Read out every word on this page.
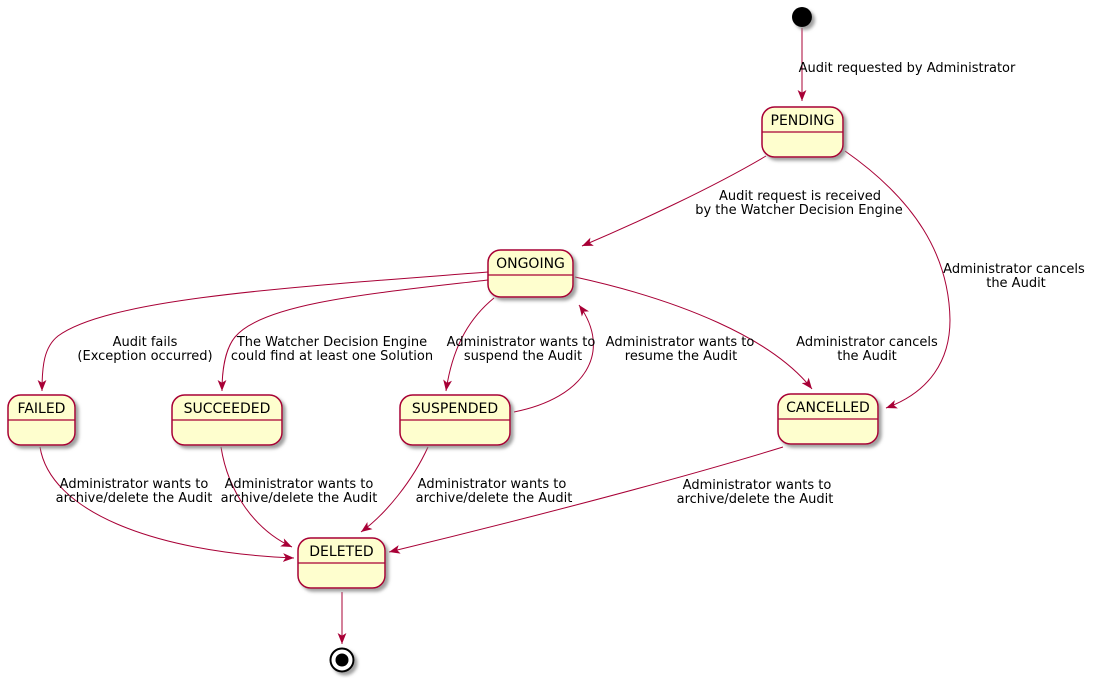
Audit requested by Administrator
Audit request is received
by the Watcher Decision Engine
Administrator cancels
the Audit
Audit fails
(Exception occurred)
The Watcher Decision Engine
could find at least one Solution
Administrator wants to
suspend the Audit
Administrator wants to
resume the Audit
Administrator cancels
the Audit
Administrator wants to
archive/delete the Audit
Administrator wants to
archive/delete the Audit
Administrator wants to
archive/delete the Audit
Administrator wants to
archive/delete the Audit
PENDING
ONGOING
FAILED	SUCCEEDED	SUSPENDED	CANCELLED
DELETED
